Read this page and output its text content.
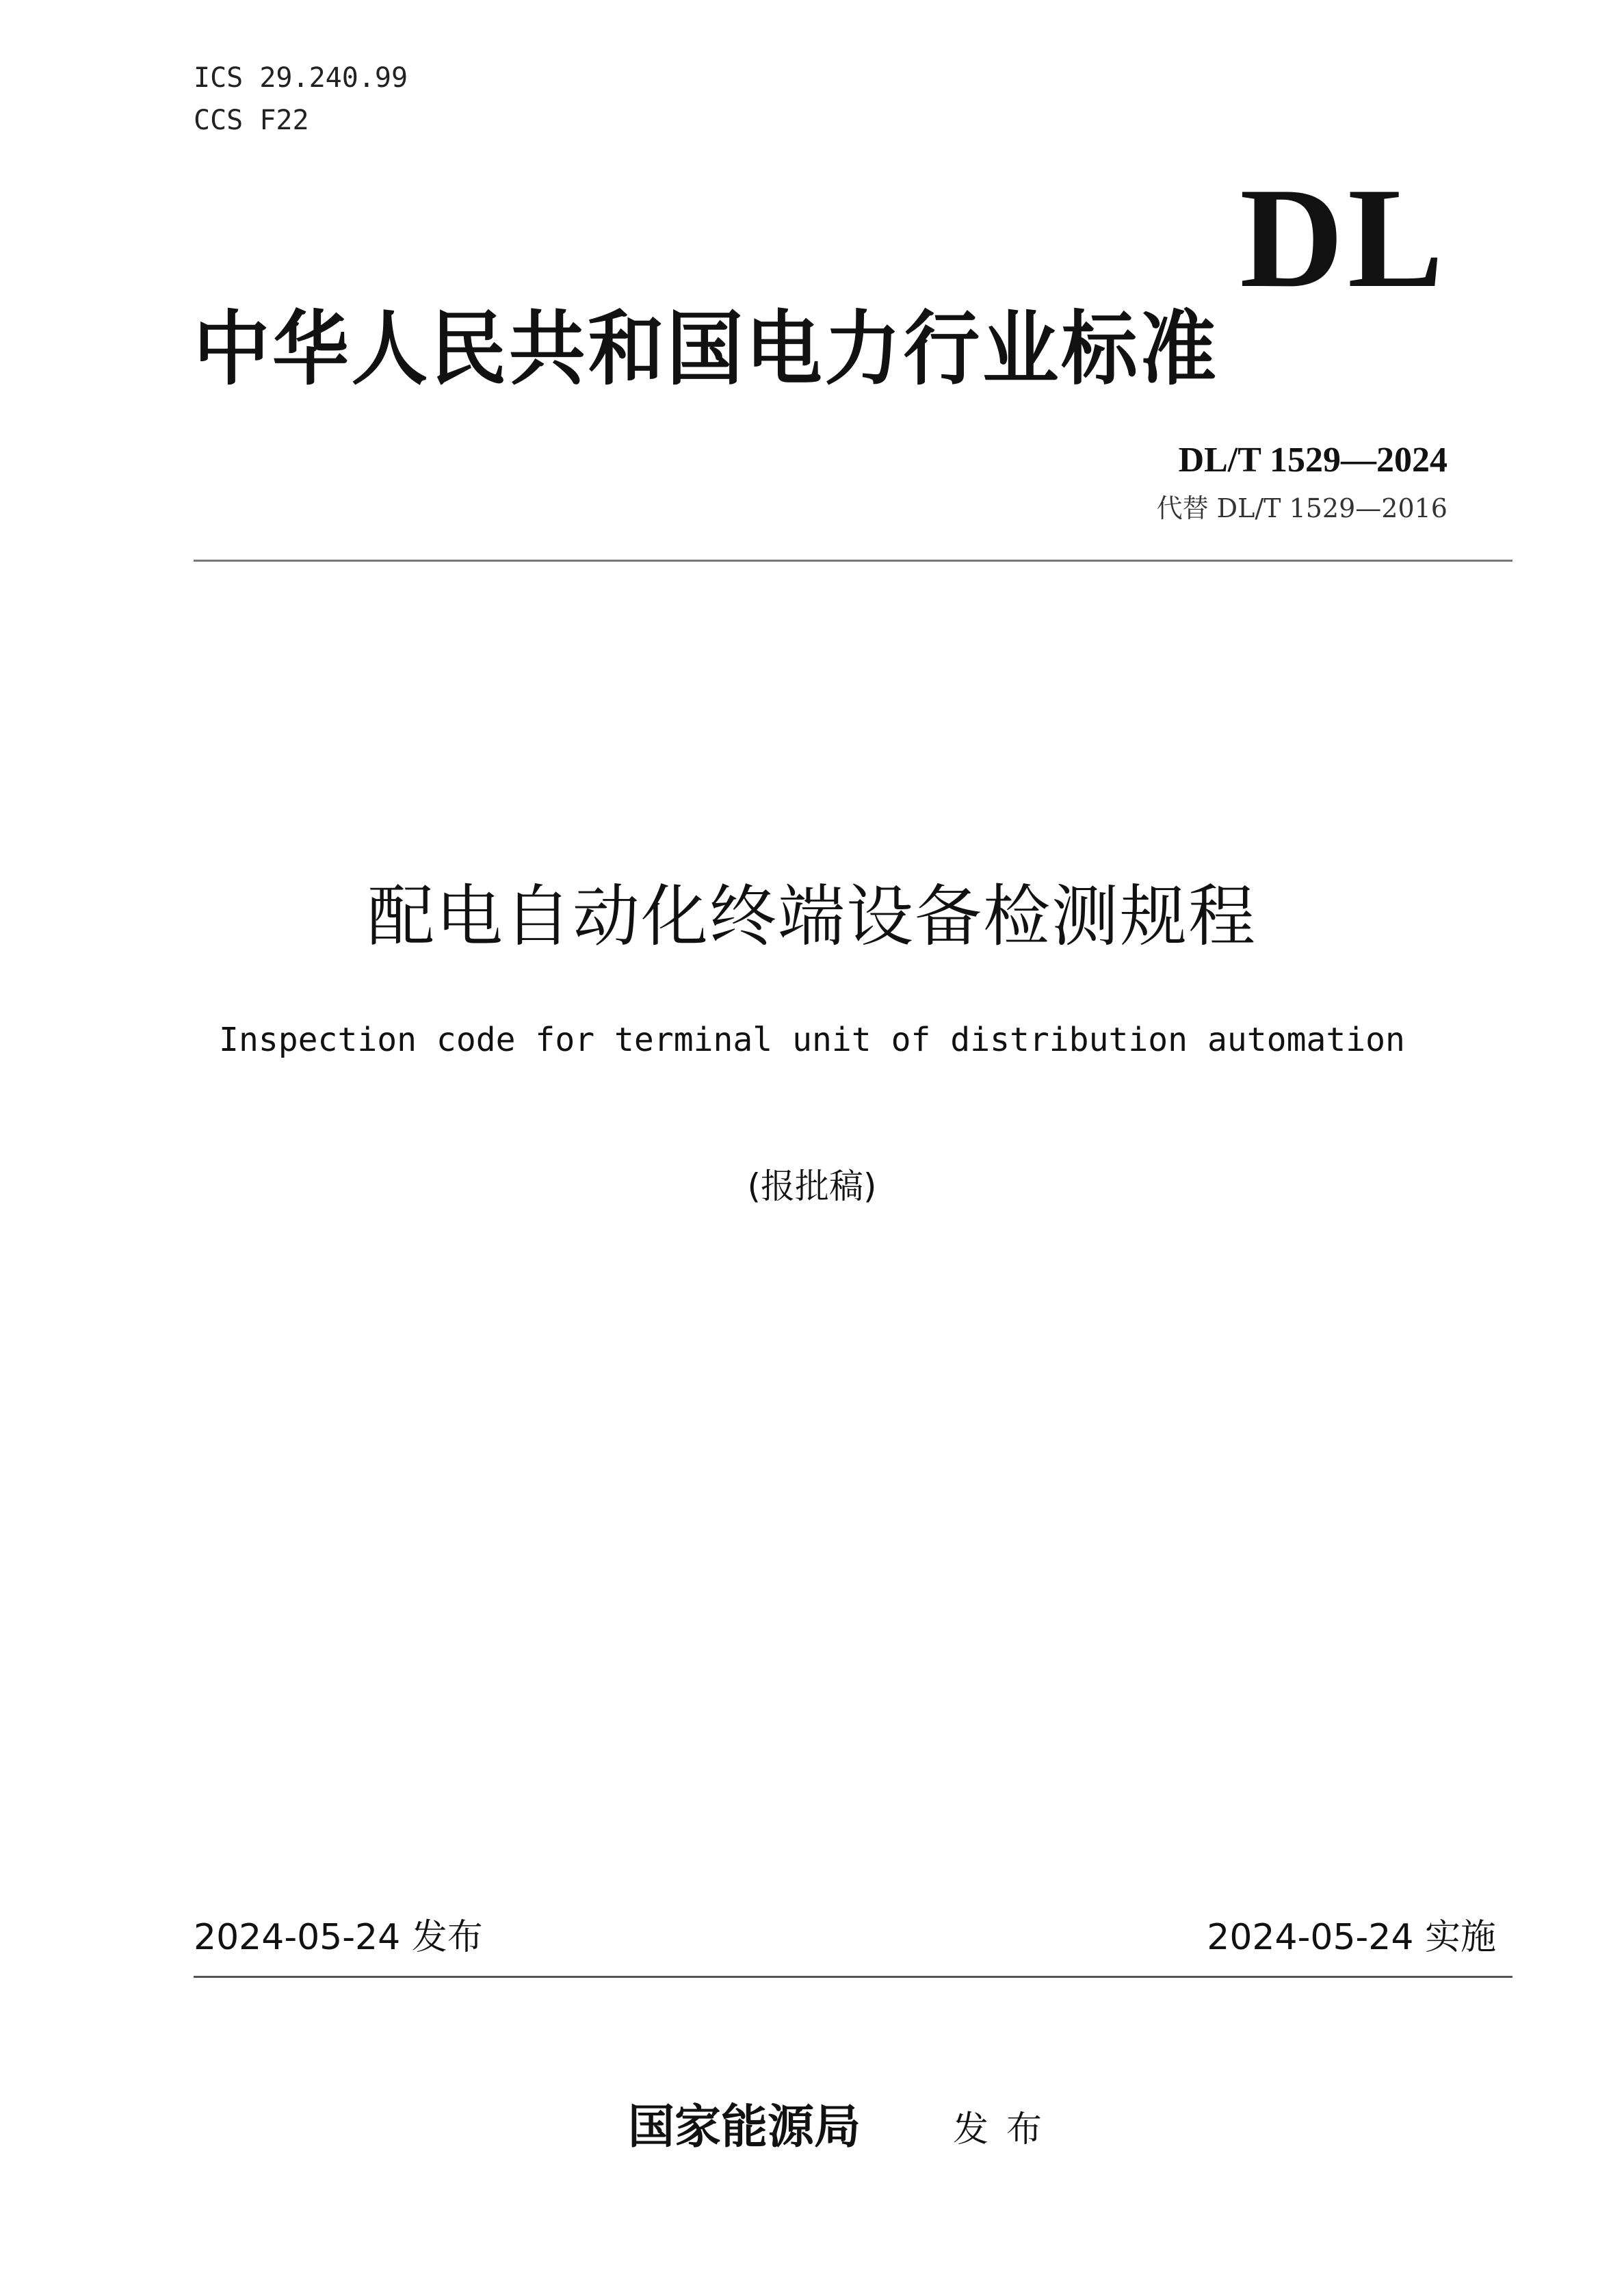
ICS 29.240.99
CCS F22
DL
中华人民共和国电力行业标准
DL/T 1529—2024
代替 DL/T 1529—2016
配电自动化终端设备检测规程
Inspection code for terminal unit of distribution automation
(报批稿)
2024-05-24 发布	2024-05-24 实施
国家能源局	发布
